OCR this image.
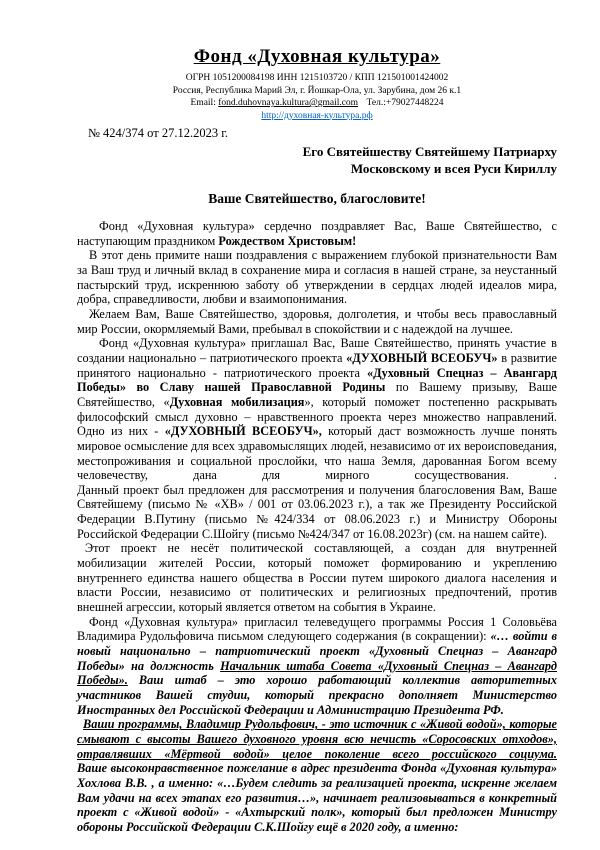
Фонд «Духовная культура»
ОГРН 1051200084198 ИНН 1215103720 / КПП 121501001424002
Россия, Республика Марий Эл, г. Йошкар-Ола, ул. Зарубина, дом 26 к.1
Email: fond.duhovnaya.kultura@gmail.com Тел.:+79027448224
http://духовная-культура.рф
№ 424/374 от 27.12.2023 г.
Его Святейшеству Святейшему Патриарху
Московскому и всея Руси Кириллу
Ваше Святейшество, благословите!

Фонд «Духовная культура» сердечно поздравляет Вас, Ваше Святейшество, с наступающим праздником Рождеством Христовым!

В этот день примите наши поздравления с выражением глубокой признательности Вам за Ваш труд и личный вклад в сохранение мира и согласия в нашей стране, за неустанный пастырский труд, искреннюю заботу об утверждении в сердцах людей идеалов мира, добра, справедливости, любви и взаимопонимания.

Желаем Вам, Ваше Святейшество, здоровья, долголетия, и чтобы весь православный мир России, окормляемый Вами, пребывал в спокойствии и с надеждой на лучшее.

Фонд «Духовная культура» приглашал Вас, Ваше Святейшество, принять участие в создании национально – патриотического проекта «ДУХОВНЫЙ ВСЕОБУЧ» в развитие принятого национально - патриотического проекта «Духовный Спецназ – Авангард Победы» во Славу нашей Православной Родины по Вашему призыву, Ваше Святейшество, «Духовная мобилизация», который поможет постепенно раскрывать философский смысл духовно – нравственного проекта через множество направлений. Одно из них - «ДУХОВНЫЙ ВСЕОБУЧ», который даст возможность лучше понять мировое осмысление для всех здравомыслящих людей, независимо от их вероисповедания, местопроживания и социальной прослойки, что наша Земля, дарованная Богом всему человечеству, дана для мирного сосуществования. .

Данный проект был предложен для рассмотрения и получения благословения Вам, Ваше Святейшему (письмо № «ХВ» / 001 от 03.06.2023 г.), а так же Президенту Российской Федерации В.Путину (письмо №424/334 от 08.06.2023 г.) и Министру Обороны Российской Федерации С.Шойгу (письмо №424/347 от 16.08.2023г) (см. на нашем сайте).

Этот проект не несёт политической составляющей, а создан для внутренней мобилизации жителей России, который поможет формированию и укреплению внутреннего единства нашего общества в России путем широкого диалога населения и власти России, независимо от политических и религиозных предпочтений, против внешней агрессии, который является ответом на события в Украине.

Фонд «Духовная культура» пригласил телеведущего программы Россия 1 Соловьёва Владимира Рудольфовича письмом следующего содержания (в сокращении): «… войти в новый национально – патриотический проект «Духовный Спецназ – Авангард Победы» на должность Начальник штаба Совета «Духовный Спецназ – Авангард Победы». Ваш штаб – это хорошо работающий коллектив авторитетных участников Вашей студии, который прекрасно дополняет Министерство Иностранных дел Российской Федерации и Администрацию Президента РФ.

Ваши программы, Владимир Рудольфович, - это источник с «Живой водой», которые смывают с высоты Вашего духовного уровня всю нечисть «Соросовских отходов», отравлявших «Мёртвой водой» целое поколение всего российского социума.

Ваше высоконравственное пожелание в адрес президента Фонда «Духовная культура» Хохлова В.В. , а именно: «…Будем следить за реализацией проекта, искренне желаем Вам удачи на всех этапах его развития…», начинает реализовываться в конкретный проект с «Живой водой» - «Ахтырский полк», который был предложен Министру обороны Российской Федерации С.К.Шойгу ещё в 2020 году, а именно:
